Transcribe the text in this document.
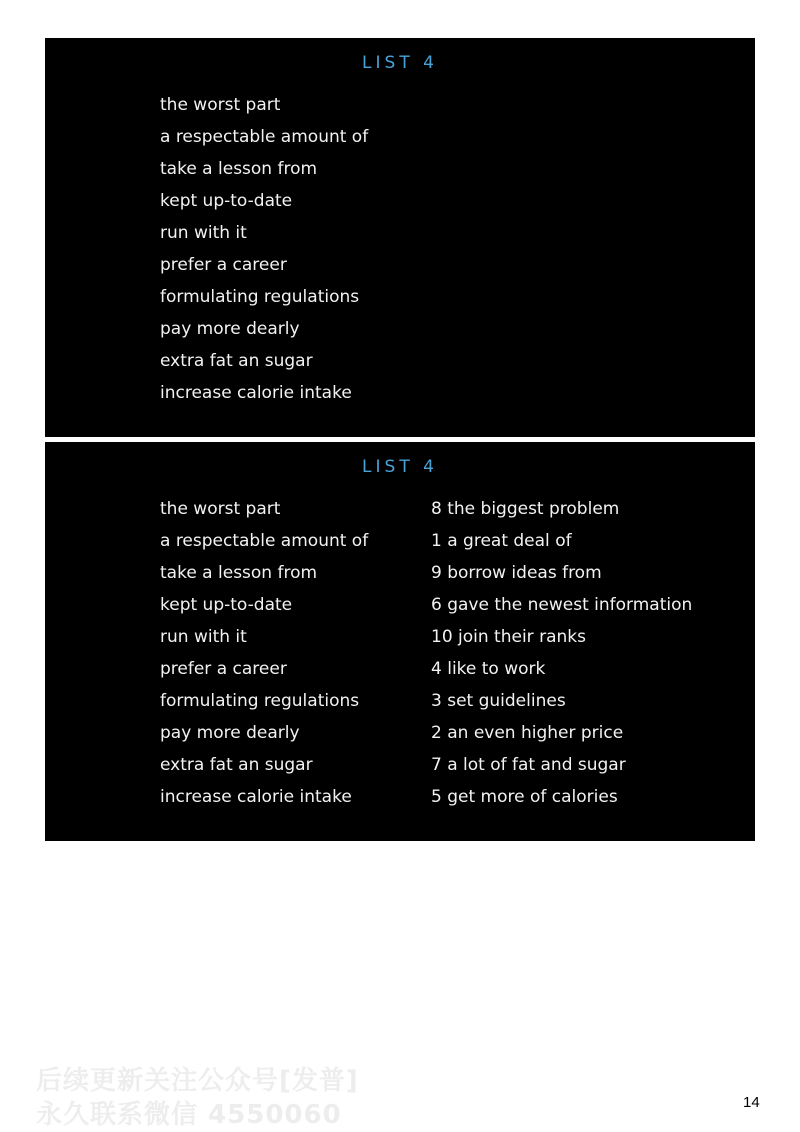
LIST 4
the worst part
a respectable amount of
take a lesson from
kept up-to-date
run with it
prefer a career
formulating regulations
pay more dearly
extra fat an sugar
increase calorie intake
LIST 4
the worst part
a respectable amount of
take a lesson from
kept up-to-date
run with it
prefer a career
formulating regulations
pay more dearly
extra fat an sugar
increase calorie intake
8 the biggest problem
1 a great deal of
9 borrow ideas from
6 gave the newest information
10 join their ranks
4 like to work
3 set guidelines
2 an even higher price
7 a lot of fat and sugar
5 get more of calories
后续更新关注公众号[发普]
永久联系微信 4550060	14
